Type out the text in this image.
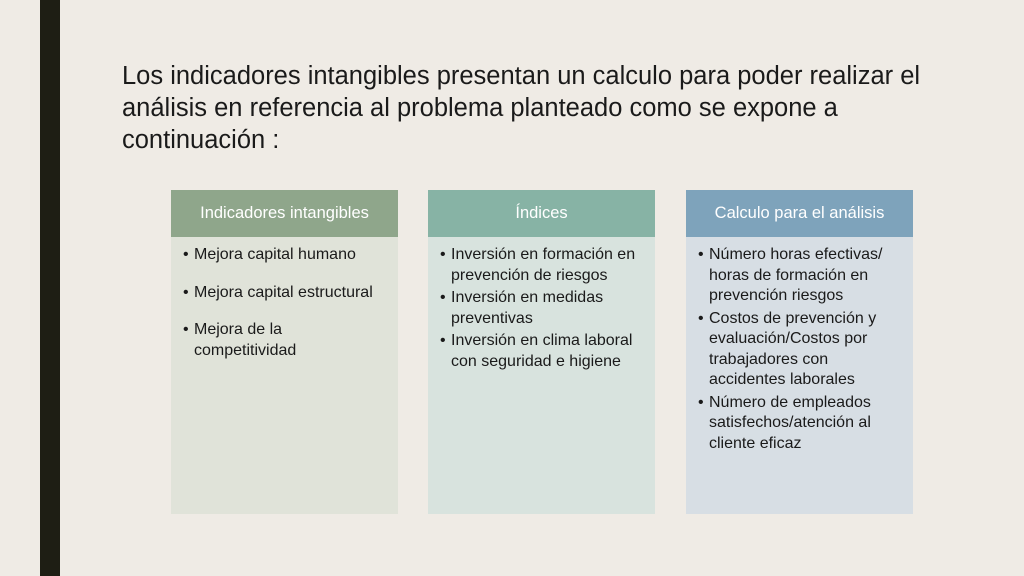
Los indicadores intangibles presentan un calculo para poder realizar el análisis en referencia al problema planteado como se expone a continuación :
Indicadores intangibles
• Mejora capital humano
• Mejora capital estructural
• Mejora de la competitividad
Índices
• Inversión en formación en prevención de riesgos
• Inversión en medidas preventivas
• Inversión en clima laboral con seguridad e higiene
Calculo para el análisis
• Número horas efectivas/ horas de formación en prevención riesgos
• Costos de prevención y evaluación/Costos por trabajadores con accidentes laborales
• Número de empleados satisfechos/atención al cliente eficaz
